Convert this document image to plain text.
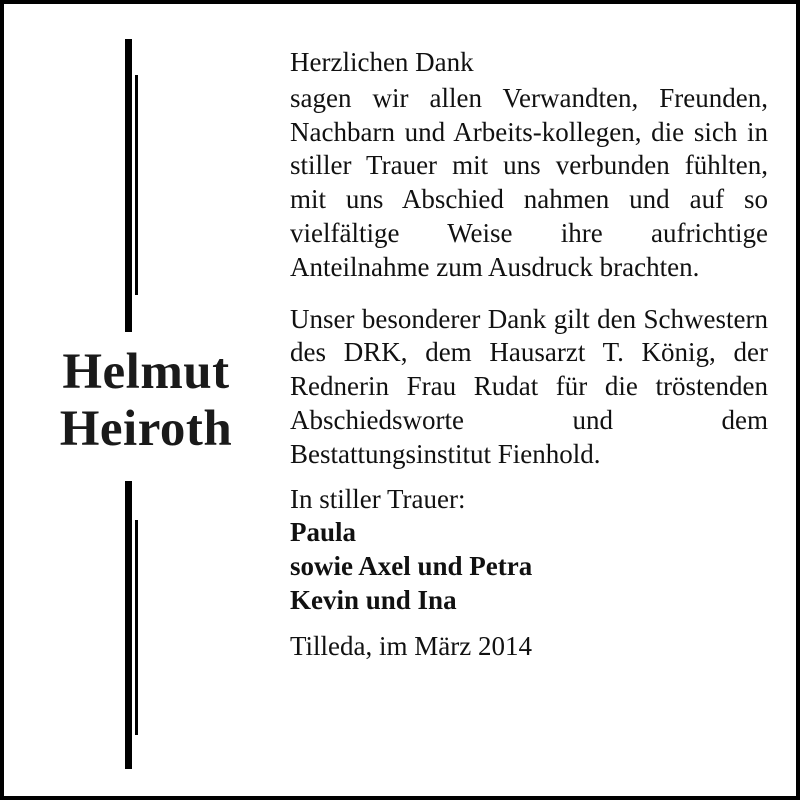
Helmut
Heiroth

Herzlichen Dank

sagen wir allen Verwandten, Freunden, Nachbarn und Arbeits-kollegen, die sich in stiller Trauer mit uns verbunden fühlten, mit uns Abschied nahmen und auf so vielfältige Weise ihre aufrichtige Anteilnahme zum Ausdruck brachten.

Unser besonderer Dank gilt den Schwestern des DRK, dem Hausarzt T. König, der Rednerin Frau Rudat für die tröstenden Abschiedsworte und dem Bestattungsinstitut Fienhold.

In stiller Trauer:

Paula
sowie Axel und Petra
Kevin und Ina

Tilleda, im März 2014
